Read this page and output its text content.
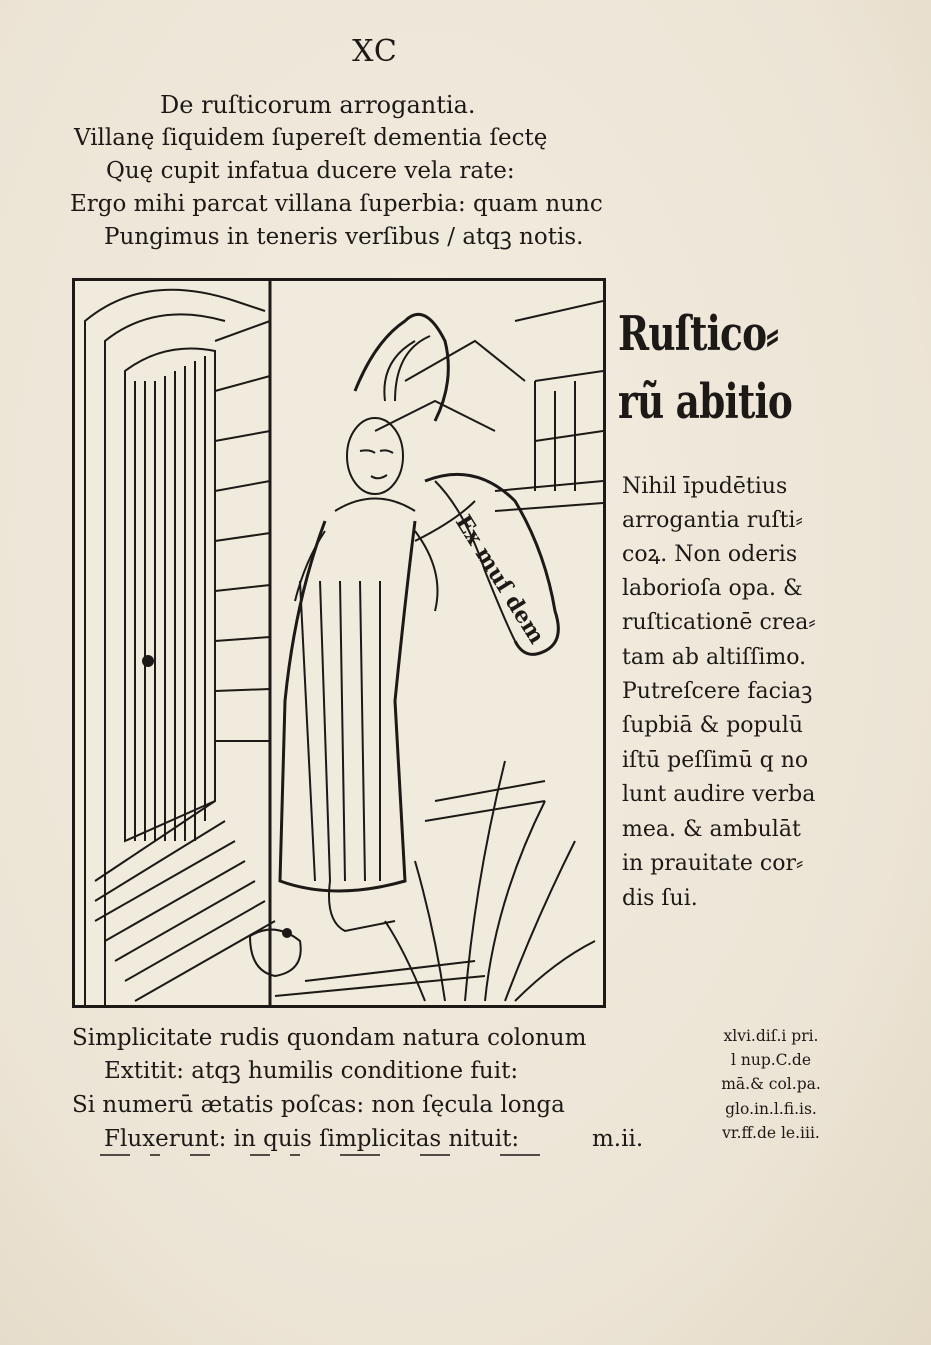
XC
De ruſticorum arrogantia.
Villanę ſiquidem ſupereſt dementia ſectę
Quę cupit infatua ducere vela rate:
Ergo mihi parcat villana ſuperbia: quam nunc
Pungimus in teneris verſibus / atqꝫ notis.
Ex muſ dem
Ruſtico⸗
rũ abitio
Nihil īpudētius
arrogantia ruſti⸗
coꝝ. Non oderis
laborioſa opa. &
ruſticationē crea⸗
tam ab altiſſimo.
Putreſcere faciaꝫ
ſupbiā & populū
iſtū peſſimū q no
lunt audire verba
mea. & ambulāt
in prauitate cor⸗
dis ſui.
Simplicitate rudis quondam natura colonum
Extitit: atqꝫ humilis conditione fuit:
Si numerū ætatis poſcas: non ſęcula longa
Fluxerunt: in quis ſimplicitas nituit:	m.ii.
xlvi.diſ.i pri.
l nup.C.de
mā.& col.pa.
glo.in.l.fi.is.
vr.ff.de le.iii.
